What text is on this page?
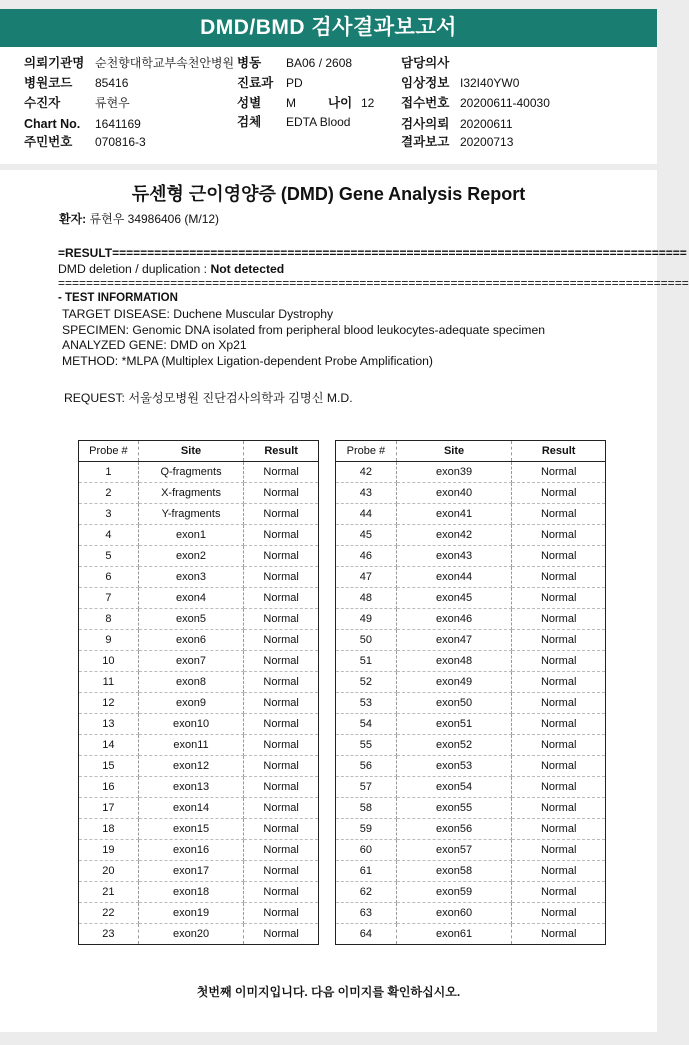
DMD/BMD 검사결과보고서
의뢰기관명 순천향대학교부속천안병원 병동 BA06 / 2608	담당의사
병원코드 85416	진료과 PD	임상정보 I32I40YW0
수진자	류현우	성별 M	나이 12 접수번호 20200611-40030
Chart No. 1641169	검체 EDTA Blood	검사의뢰 20200611
주민번호 070816-3	결과보고 20200713
듀센형 근이영양증 (DMD) Gene Analysis Report
환자: 류현우 34986406 (M/12)
=RESULT==================================================================================
DMD deletion / duplication : Not detected
==========================================================================================
- TEST INFORMATION
TARGET DISEASE: Duchene Muscular Dystrophy
SPECIMEN: Genomic DNA isolated from peripheral blood leukocytes-adequate specimen
ANALYZED GENE: DMD on Xp21
METHOD: *MLPA (Multiplex Ligation-dependent Probe Amplification)
REQUEST: 서울성모병원 진단검사의학과 김명신 M.D.
Probe #	Site	Result
1	Q-fragments	Normal
2	X-fragments	Normal
3	Y-fragments	Normal
4	exon1	Normal
5	exon2	Normal
6	exon3	Normal
7	exon4	Normal
8	exon5	Normal
9	exon6	Normal
10	exon7	Normal
11	exon8	Normal
12	exon9	Normal
13	exon10	Normal
14	exon11	Normal
15	exon12	Normal
16	exon13	Normal
17	exon14	Normal
18	exon15	Normal
19	exon16	Normal
20	exon17	Normal
21	exon18	Normal
22	exon19	Normal
23	exon20	Normal
Probe #	Site	Result
42	exon39	Normal
43	exon40	Normal
44	exon41	Normal
45	exon42	Normal
46	exon43	Normal
47	exon44	Normal
48	exon45	Normal
49	exon46	Normal
50	exon47	Normal
51	exon48	Normal
52	exon49	Normal
53	exon50	Normal
54	exon51	Normal
55	exon52	Normal
56	exon53	Normal
57	exon54	Normal
58	exon55	Normal
59	exon56	Normal
60	exon57	Normal
61	exon58	Normal
62	exon59	Normal
63	exon60	Normal
64	exon61	Normal
첫번째 이미지입니다. 다음 이미지를 확인하십시오.
